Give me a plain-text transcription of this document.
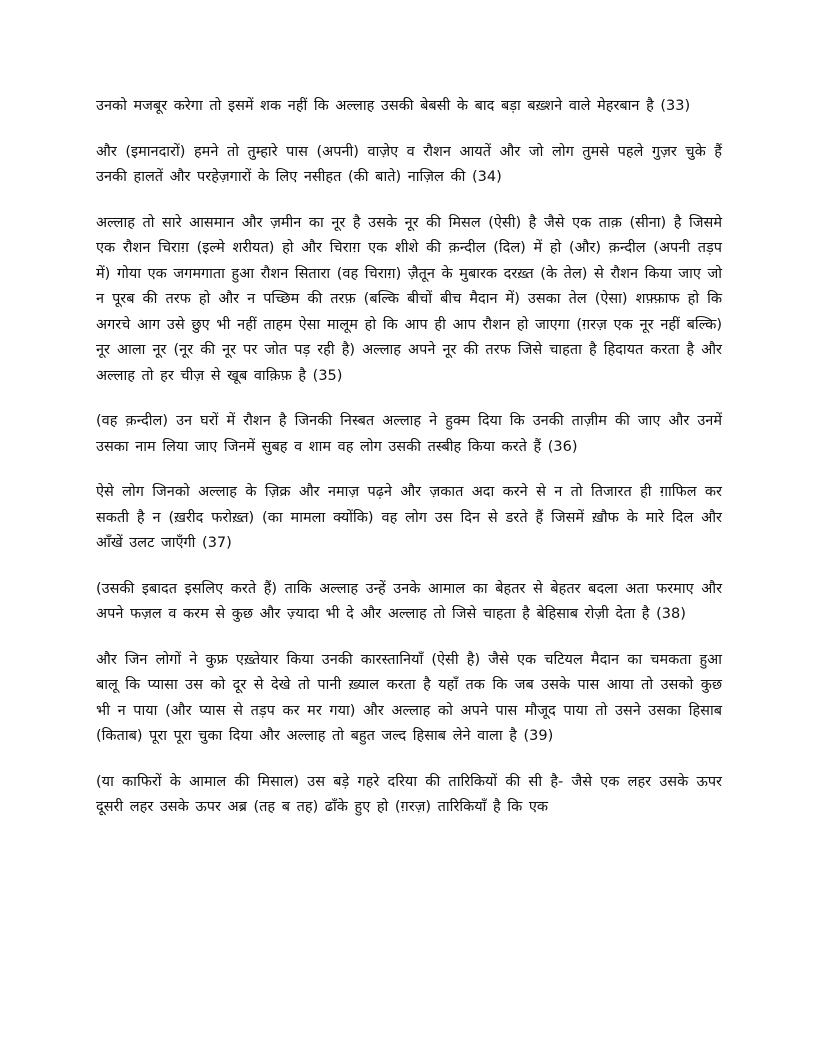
उनको मजबूर करेगा तो इसमें शक नहीं कि अल्लाह उसकी बेबसी के बाद बड़ा बख़्शने वाले मेहरबान है (33)

और (इमानदारों) हमने तो तुम्हारे पास (अपनी) वाज़ेए व रौशन आयतें और जो लोग तुमसे पहले गुज़र चुके हैं उनकी हालतें और परहेज़गारों के लिए नसीहत (की बाते) नाज़िल की (34)

अल्लाह तो सारे आसमान और ज़मीन का नूर है उसके नूर की मिसल (ऐसी) है जैसे एक ताक़ (सीना) है जिसमे एक रौशन चिराग़ (इल्मे शरीयत) हो और चिराग़ एक शीशे की क़न्दील (दिल) में हो (और) क़न्दील (अपनी तड़प में) गोया एक जगमगाता हुआ रौशन सितारा (वह चिराग़) ज़ैतून के मुबारक दरख़्त (के तेल) से रौशन किया जाए जो न पूरब की तरफ हो और न पच्छिम की तरफ़ (बल्कि बीचों बीच मैदान में) उसका तेल (ऐसा) शफ़्फ़ाफ हो कि अगरचे आग उसे छुए भी नहीं ताहम ऐसा मालूम हो कि आप ही आप रौशन हो जाएगा (ग़रज़ एक नूर नहीं बल्कि) नूर आला नूर (नूर की नूर पर जोत पड़ रही है) अल्लाह अपने नूर की तरफ जिसे चाहता है हिदायत करता है और अल्लाह तो हर चीज़ से खूब वाक़िफ़ है (35)

(वह क़न्दील) उन घरों में रौशन है जिनकी निस्बत अल्लाह ने हुक्म दिया कि उनकी ताज़ीम की जाए और उनमें उसका नाम लिया जाए जिनमें सुबह व शाम वह लोग उसकी तस्बीह किया करते हैं (36)

ऐसे लोग जिनको अल्लाह के ज़िक्र और नमाज़ पढ़ने और ज़कात अदा करने से न तो तिजारत ही ग़ाफिल कर सकती है न (ख़रीद फरोख़्त) (का मामला क्योंकि) वह लोग उस दिन से डरते हैं जिसमें ख़ौफ के मारे दिल और आँखें उलट जाएँगी (37)

(उसकी इबादत इसलिए करते हैं) ताकि अल्लाह उन्हें उनके आमाल का बेहतर से बेहतर बदला अता फरमाए और अपने फज़ल व करम से कुछ और ज़्यादा भी दे और अल्लाह तो जिसे चाहता है बेहिसाब रोज़ी देता है (38)

और जिन लोगों ने कुफ्र एख़्तेयार किया उनकी कारस्तानियाँ (ऐसी है) जैसे एक चटियल मैदान का चमकता हुआ बालू कि प्यासा उस को दूर से देखे तो पानी ख़्याल करता है यहाँ तक कि जब उसके पास आया तो उसको कुछ भी न पाया (और प्यास से तड़प कर मर गया) और अल्लाह को अपने पास मौजूद पाया तो उसने उसका हिसाब (किताब) पूरा पूरा चुका दिया और अल्लाह तो बहुत जल्द हिसाब लेने वाला है (39)

(या काफिरों के आमाल की मिसाल) उस बड़े गहरे दरिया की तारिकियों की सी है- जैसे एक लहर उसके ऊपर दूसरी लहर उसके ऊपर अब्र (तह ब तह) ढाँके हुए हो (ग़रज़) तारिकियाँ है कि एक
